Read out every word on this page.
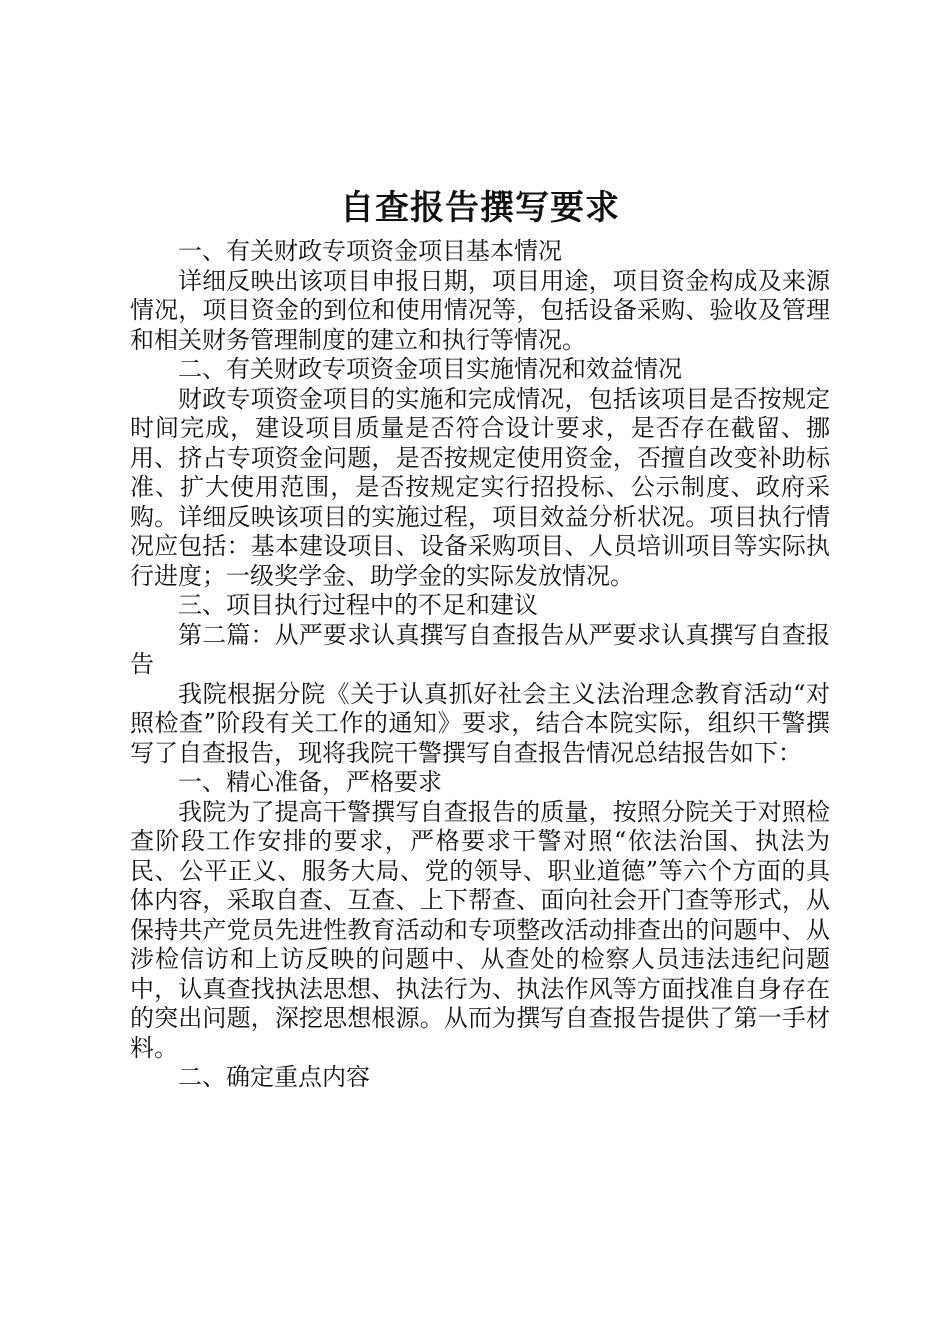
自查报告撰写要求

一、有关财政专项资金项目基本情况

详细反映出该项目申报日期，项目用途，项目资金构成及来源情况，项目资金的到位和使用情况等，包括设备采购、验收及管理和相关财务管理制度的建立和执行等情况。

二、有关财政专项资金项目实施情况和效益情况

财政专项资金项目的实施和完成情况，包括该项目是否按规定时间完成，建设项目质量是否符合设计要求，是否存在截留、挪用、挤占专项资金问题，是否按规定使用资金，否擅自改变补助标准、扩大使用范围，是否按规定实行招投标、公示制度、政府采购。详细反映该项目的实施过程，项目效益分析状况。项目执行情况应包括：基本建设项目、设备采购项目、人员培训项目等实际执行进度；一级奖学金、助学金的实际发放情况。

三、项目执行过程中的不足和建议

第二篇：从严要求认真撰写自查报告从严要求认真撰写自查报告

我院根据分院《关于认真抓好社会主义法治理念教育活动“对照检查”阶段有关工作的通知》要求，结合本院实际，组织干警撰写了自查报告，现将我院干警撰写自查报告情况总结报告如下：

一、精心准备，严格要求

我院为了提高干警撰写自查报告的质量，按照分院关于对照检查阶段工作安排的要求，严格要求干警对照“依法治国、执法为民、公平正义、服务大局、党的领导、职业道德”等六个方面的具体内容，采取自查、互查、上下帮查、面向社会开门查等形式，从保持共产党员先进性教育活动和专项整改活动排查出的问题中、从涉检信访和上访反映的问题中、从查处的检察人员违法违纪问题中，认真查找执法思想、执法行为、执法作风等方面找准自身存在的突出问题，深挖思想根源。从而为撰写自查报告提供了第一手材料。

二、确定重点内容
